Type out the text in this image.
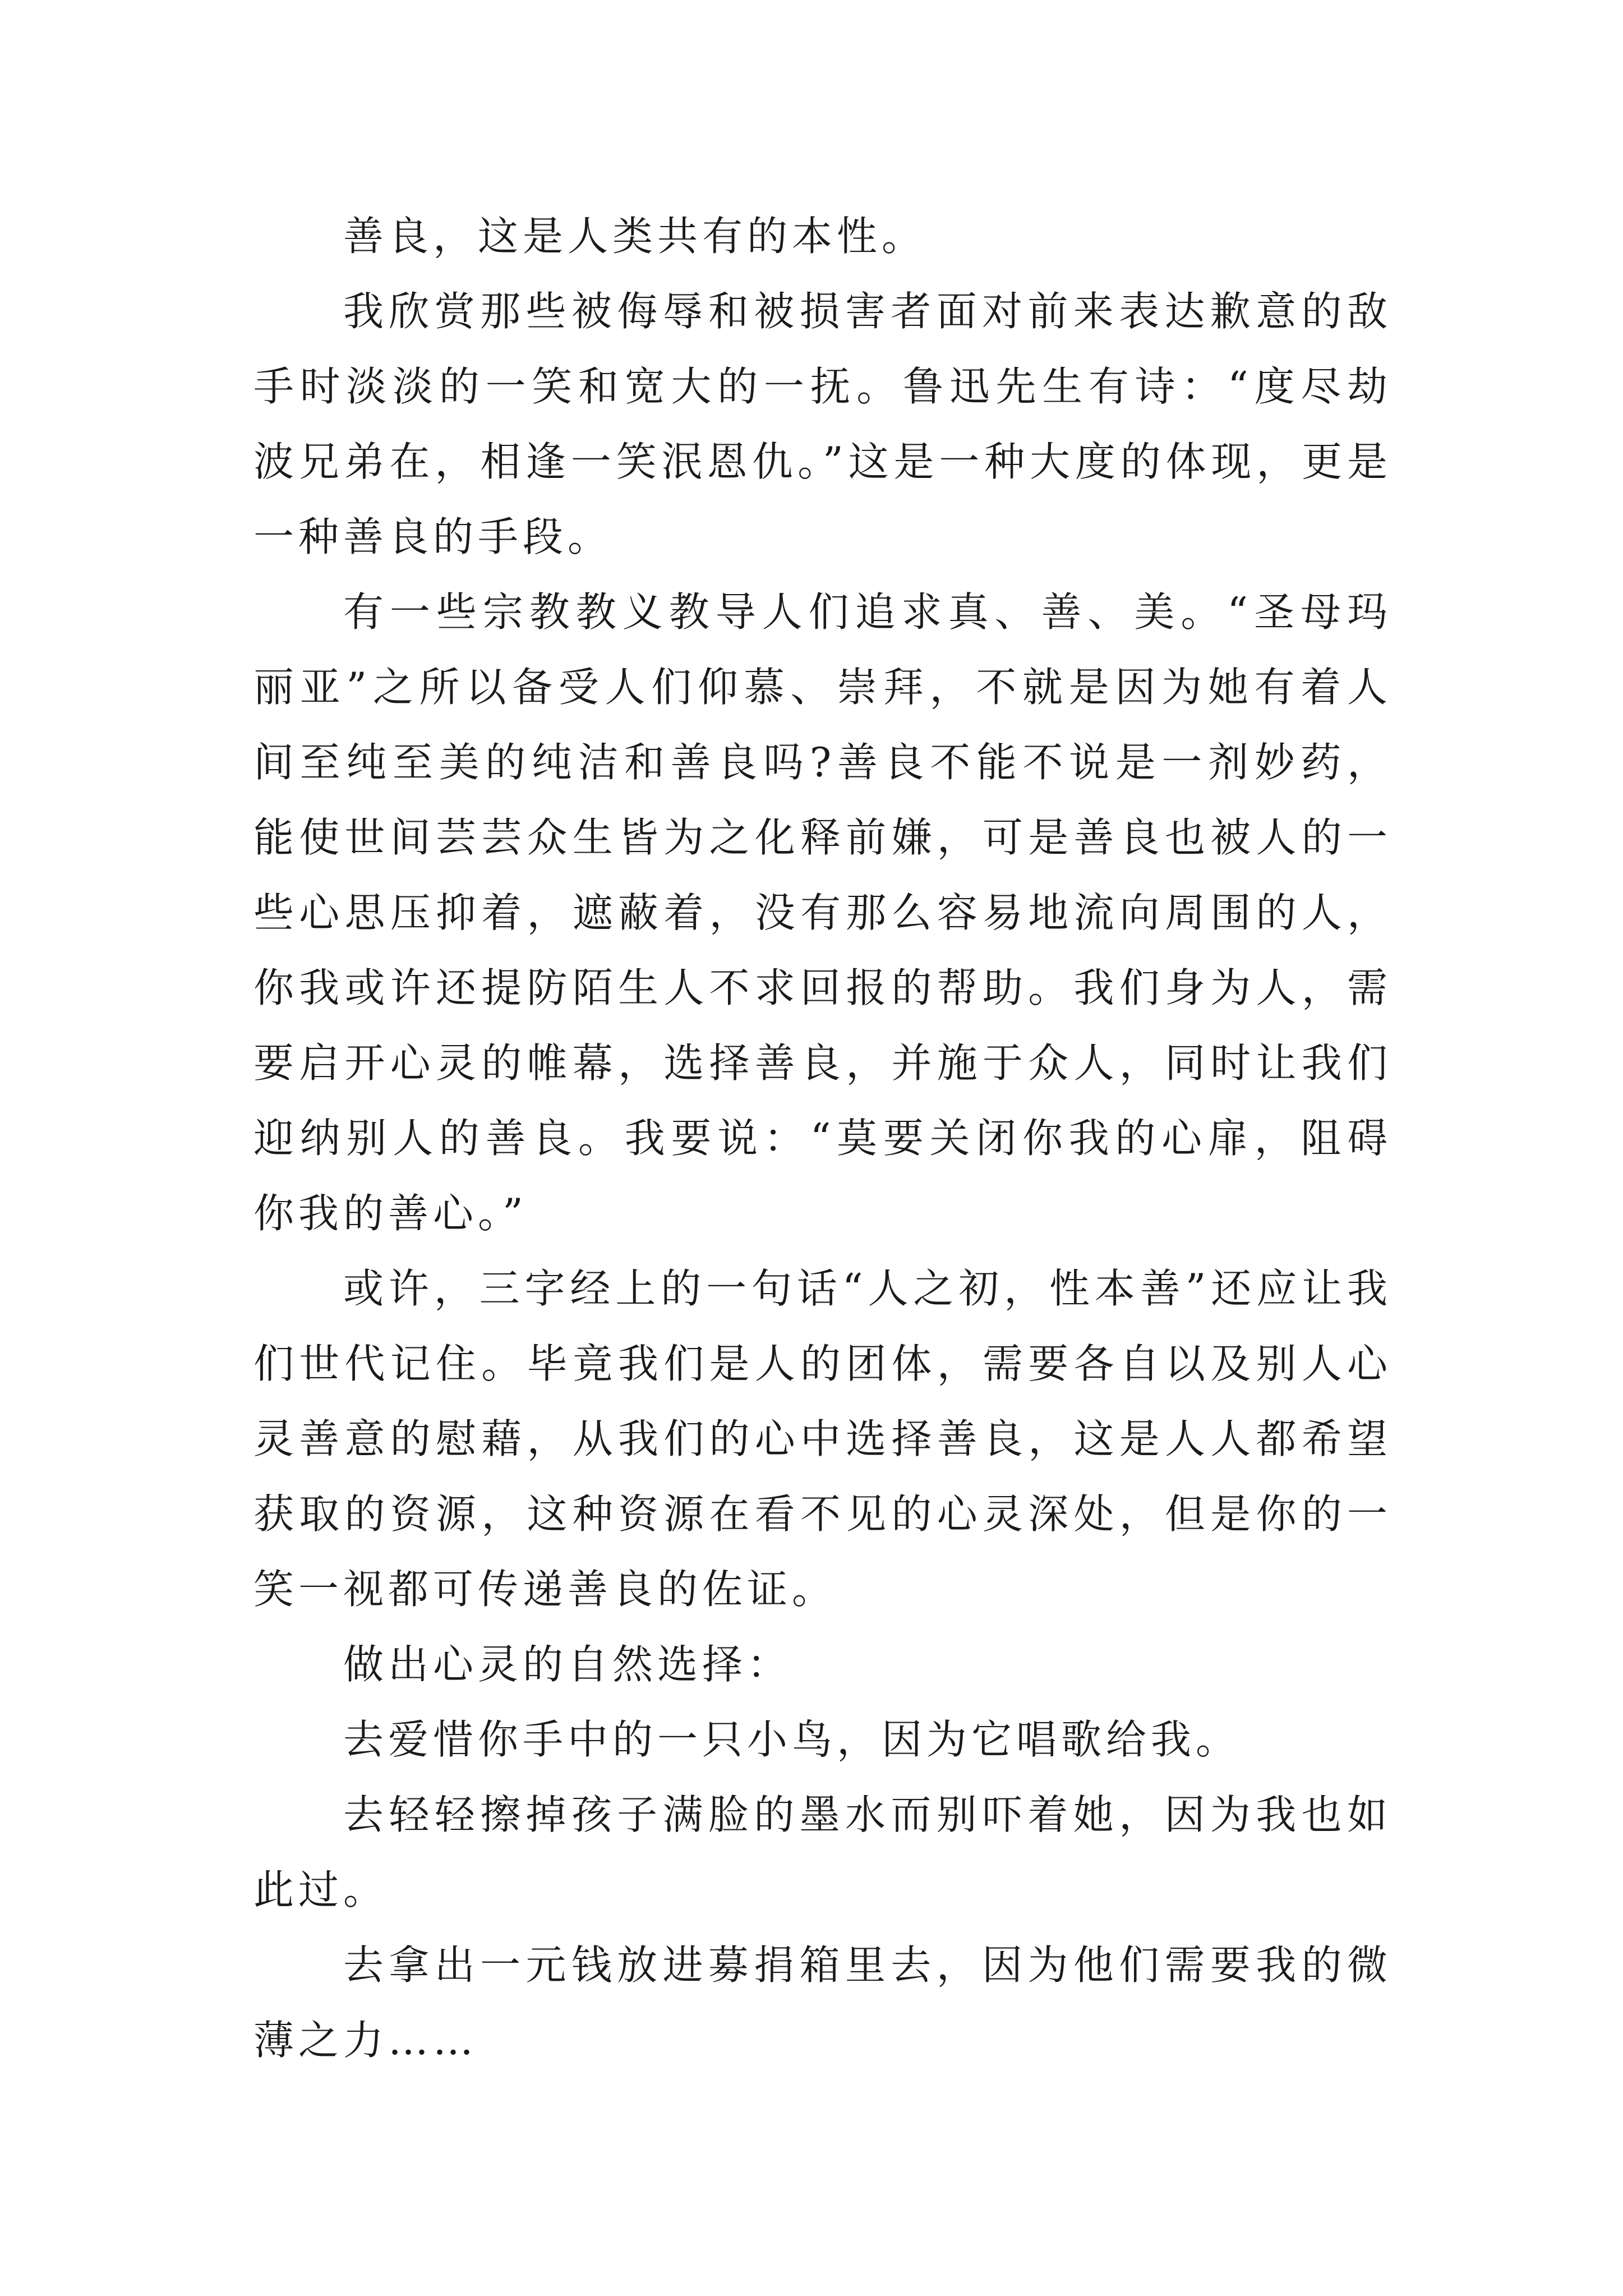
善良，这是人类共有的本性。

我欣赏那些被侮辱和被损害者面对前来表达歉意的敌手时淡淡的一笑和宽大的一抚。鲁迅先生有诗：“度尽劫波兄弟在，相逢一笑泯恩仇。”这是一种大度的体现，更是一种善良的手段。

有一些宗教教义教导人们追求真、善、美。“圣母玛丽亚”之所以备受人们仰慕、崇拜，不就是因为她有着人间至纯至美的纯洁和善良吗?善良不能不说是一剂妙药，能使世间芸芸众生皆为之化释前嫌，可是善良也被人的一些心思压抑着，遮蔽着，没有那么容易地流向周围的人，你我或许还提防陌生人不求回报的帮助。我们身为人，需要启开心灵的帷幕，选择善良，并施于众人，同时让我们迎纳别人的善良。我要说：“莫要关闭你我的心扉，阻碍你我的善心。”

或许，三字经上的一句话“人之初，性本善”还应让我们世代记住。毕竟我们是人的团体，需要各自以及别人心灵善意的慰藉，从我们的心中选择善良，这是人人都希望获取的资源，这种资源在看不见的心灵深处，但是你的一笑一视都可传递善良的佐证。

做出心灵的自然选择：

去爱惜你手中的一只小鸟，因为它唱歌给我。

去轻轻擦掉孩子满脸的墨水而别吓着她，因为我也如此过。

去拿出一元钱放进募捐箱里去，因为他们需要我的微薄之力……
